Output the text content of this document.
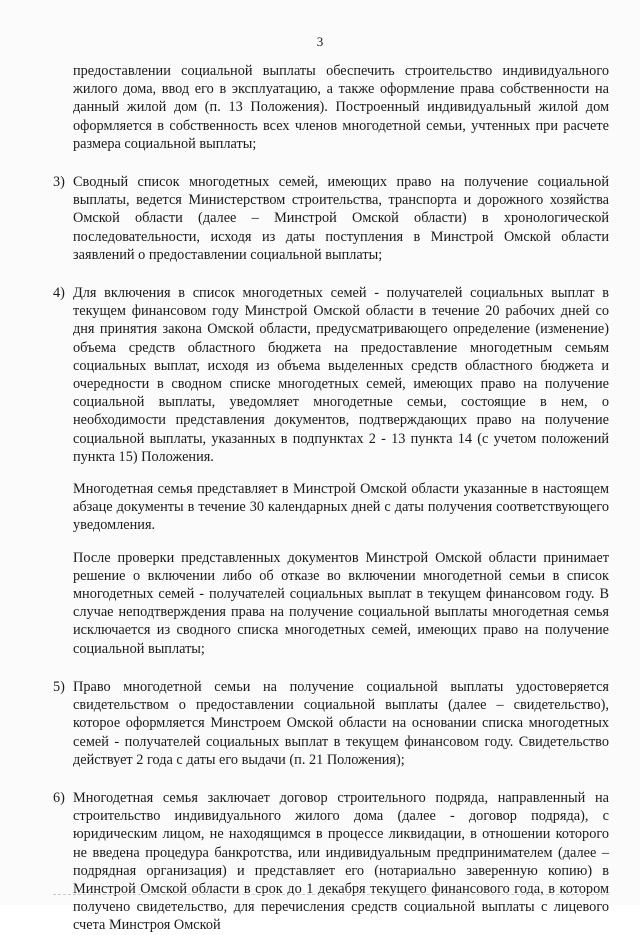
3

предоставлении социальной выплаты обеспечить строительство индивидуального жилого дома, ввод его в эксплуатацию, а также оформление права собственности на данный жилой дом (п. 13 Положения). Построенный индивидуальный жилой дом оформляется в собственность всех членов многодетной семьи, учтенных при расчете размера социальной выплаты;

3) Сводный список многодетных семей, имеющих право на получение социальной выплаты, ведется Министерством строительства, транспорта и дорожного хозяйства Омской области (далее – Минстрой Омской области) в хронологической последовательности, исходя из даты поступления в Минстрой Омской области заявлений о предоставлении социальной выплаты;

4) Для включения в список многодетных семей - получателей социальных выплат в текущем финансовом году Минстрой Омской области в течение 20 рабочих дней со дня принятия закона Омской области, предусматривающего определение (изменение) объема средств областного бюджета на предоставление многодетным семьям социальных выплат, исходя из объема выделенных средств областного бюджета и очередности в сводном списке многодетных семей, имеющих право на получение социальной выплаты, уведомляет многодетные семьи, состоящие в нем, о необходимости представления документов, подтверждающих право на получение социальной выплаты, указанных в подпунктах 2 - 13 пункта 14 (с учетом положений пункта 15) Положения.

Многодетная семья представляет в Минстрой Омской области указанные в настоящем абзаце документы в течение 30 календарных дней с даты получения соответствующего уведомления.

После проверки представленных документов Минстрой Омской области принимает решение о включении либо об отказе во включении многодетной семьи в список многодетных семей - получателей социальных выплат в текущем финансовом году. В случае неподтверждения права на получение социальной выплаты многодетная семья исключается из сводного списка многодетных семей, имеющих право на получение социальной выплаты;

5) Право многодетной семьи на получение социальной выплаты удостоверяется свидетельством о предоставлении социальной выплаты (далее – свидетельство), которое оформляется Минстроем Омской области на основании списка многодетных семей - получателей социальных выплат в текущем финансовом году. Свидетельство действует 2 года с даты его выдачи (п. 21 Положения);

6) Многодетная семья заключает договор строительного подряда, направленный на строительство индивидуального жилого дома (далее - договор подряда), с юридическим лицом, не находящимся в процессе ликвидации, в отношении которого не введена процедура банкротства, или индивидуальным предпринимателем (далее – подрядная организация) и представляет его (нотариально заверенную копию) в Минстрой Омской области в срок до 1 декабря текущего финансового года, в котором получено свидетельство, для перечисления средств социальной выплаты с лицевого счета Минстроя Омской
